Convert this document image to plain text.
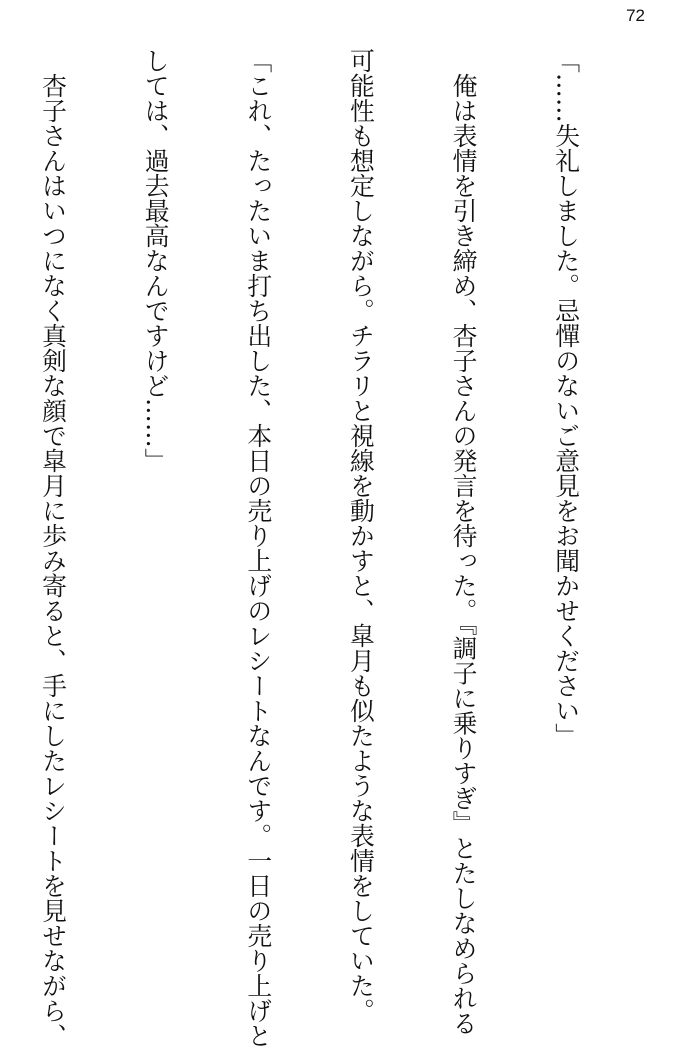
72

「……失礼しました。忌憚のないご意見をお聞かせください」

　俺は表情を引き締め、杏子さんの発言を待った。『調子に乗りすぎ』とたしなめられる

可能性も想定しながら。チラリと視線を動かすと、皐月も似たような表情をしていた。

「これ、たったいま打ち出した、本日の売り上げのレシートなんです。一日の売り上げと

しては、過去最高なんですけど……」

　杏子さんはいつになく真剣な顔で皐月に歩み寄ると、手にしたレシートを見せながら、
